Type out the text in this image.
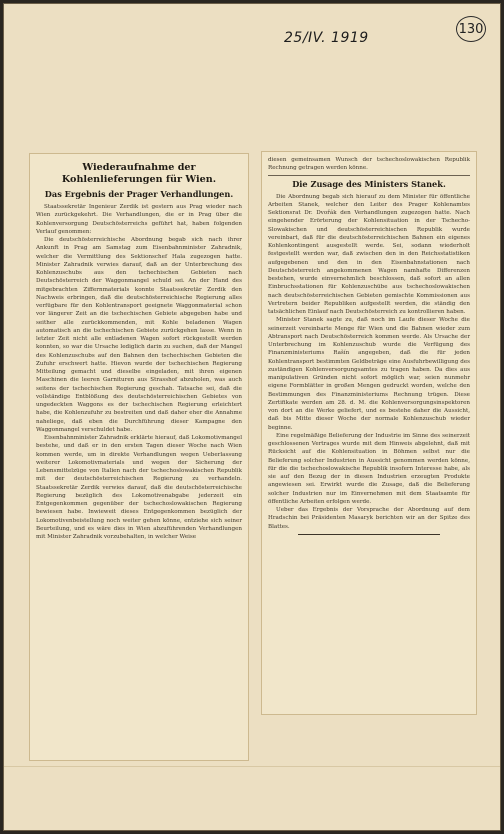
25/IV. 1919
130
Wiederaufnahme der Kohlenlieferungen für Wien.
Das Ergebnis der Prager Verhandlungen.

Staatssekretär Ingenieur Zerdik ist gestern aus Prag wieder nach Wien zurückgekehrt. Die Verhandlungen, die er in Prag über die Kohlenversorgung Deutschösterreichs geführt hat, haben folgenden Verlauf genommen:

Die deutschösterreichische Abordnung begab sich nach ihrer Ankunft in Prag am Samstag zum Eisenbahnminister Zahradnik, welcher die Vermittlung des Sektionschef Hala zugezogen hatte. Minister Zahradnik verwies darauf, daß an der Unterbrechung des Kohlenzuschubs aus den tschechischen Gebieten nach Deutschösterreich der Waggonmangel schuld sei. An der Hand des mitgebrachten Ziffernmaterials konnte Staatssekretär Zerdik den Nachweis erbringen, daß die deutschösterreichische Regierung alles verfügbare für den Kohlentransport geeignete Waggonmaterial schon vor längerer Zeit an die tschechischen Gebiete abgegeben habe und seither alle zurückkommenden, mit Kohle beladenen Wagen automatisch an die tschechischen Gebiete zurückgehen lasse. Wenn in letzter Zeit nicht alle entladenen Wagen sofort rückgestellt werden konnten, so war die Ursache lediglich darin zu suchen, daß der Mangel des Kohlenzuschubs auf den Bahnen den tschechischen Gebieten die Zufuhr erschwert hatte. Hievon wurde der tschechischen Regierung Mitteilung gemacht und dieselbe eingeladen, mit ihren eigenen Maschinen die leeren Garnituren aus Strasshof abzuholen, was auch seitens der tschechischen Regierung geschah. Tatsache sei, daß die vollständige Entblößung des deutschösterreichischen Gebietes von ungedeckten Waggons es der tschechischen Regierung erleichtert habe, die Kohlenzufuhr zu bestreiten und daß daher eher die Annahme naheliege, daß eben die Durchführung dieser Kampagne den Waggonmangel verschuldet habe.

Eisenbahnminister Zahradnik erklärte hierauf, daß Lokomotivmangel bestehe, und daß er in den ersten Tagen dieser Woche nach Wien kommen werde, um in direkte Verhandlungen wegen Ueberlassung weiterer Lokomotivmaterials und wegen der Sicherung der Lebensmittelzüge von Italien nach der tschechoslowakischen Republik mit der deutschösterreichischen Regierung zu verhandeln. Staatssekretär Zerdik verwies darauf, daß die deutschösterreichische Regierung bezüglich des Lokomotivenabgabe jederzeit ein Entgegenkommen gegenüber der tschechoslowakischen Regierung bewiesen habe. Inwieweit dieses Entgegenkommen bezüglich der Lokomotivenbeistellung noch weiter gehen könne, entziehe sich seiner Beurteilung, und es wäre dies in Wien abzuführenden Verhandlungen mit Minister Zahradnik vorzubehalten, in welcher Weise

diesen gemeinsamen Wunsch der tschechoslowakischen Republik Rechnung getragen werden könne.

Die Zusage des Ministers Stanek.

Die Abordnung begab sich hierauf zu dem Minister für öffentliche Arbeiten Stanek, welcher den Leiter des Prager Kohlenamtes Sektionsrat Dr. Dvořák den Verhandlungen zugezogen hatte. Nach eingehender Erörterung der Kohlensituation in der Tschecho-Slowakischen und deutschösterreichischen Republik wurde vereinbart, daß für die deutschösterreichischen Bahnen ein eigenes Kohlenkontingent ausgestellt werde. Sei, sodann wiederholt festgestellt werden war, daß zwischen den in den Reichsstatistiken aufgegebenen und den in den Eisenbahnstationen nach Deutschösterreich angekommenen Wagen namhafte Differenzen bestehen, wurde einvernehmlich beschlossen, daß sofort an allen Einbruchsstationen für Kohlenzuschübe aus tschechoslowakischen nach deutschösterreichischen Gebieten gemischte Kommissionen aus Vertretern beider Republiken aufgestellt werden, die ständig den tatsächlichen Einlauf nach Deutschösterreich zu kontrollieren haben.

Minister Stanek sagte zu, daß noch im Laufe dieser Woche die seinerzeit vereinbarte Menge für Wien und die Bahnen wieder zum Abtransport nach Deutschösterreich kommen werde. Als Ursache der Unterbrechung im Kohlenzuschub wurde die Verfügung des Finanzministeriums Rašín angegeben, daß die für jeden Kohlentransport bestimmten Geldbeträge eine Ausfuhrbewilligung des zuständigen Kohlenversorgungsamtes zu tragen haben. Da dies aus manipulativen Gründen nicht sofort möglich war, seien nunmehr eigene Formblätter in großen Mengen gedruckt worden, welche den Bestimmungen des Finanzministeriums Rechnung trügen. Diese Zertifikate werden am 28. d. M. die Kohlenversorgungsinspektoren von dort an die Werke geliefert, und es bestehe daher die Aussicht, daß bis Mitte dieser Woche der normale Kohlenzuschub wieder beginne.

Eine regelmäßige Belieferung der Industrie im Sinne des seinerzeit geschlossenen Vertrages wurde mit dem Hinweis abgelehnt, daß mit Rücksicht auf die Kohlensituation in Böhmen selbst nur die Belieferung solcher Industrien in Aussicht genommen werden könne, für die die tschechoslowakische Republik insofern Interesse habe, als sie auf den Bezug der in diesen Industrien erzeugten Produkte angewiesen sei. Erwirkt wurde die Zusage, daß die Belieferung solcher Industrien nur im Einvernehmen mit dem Staatsamte für öffentliche Arbeiten erfolgen werde.

Ueber das Ergebnis der Vorsprache der Abordnung auf dem Hradschin bei Präsidenten Masaryk berichten wir an der Spitze des Blattes.
